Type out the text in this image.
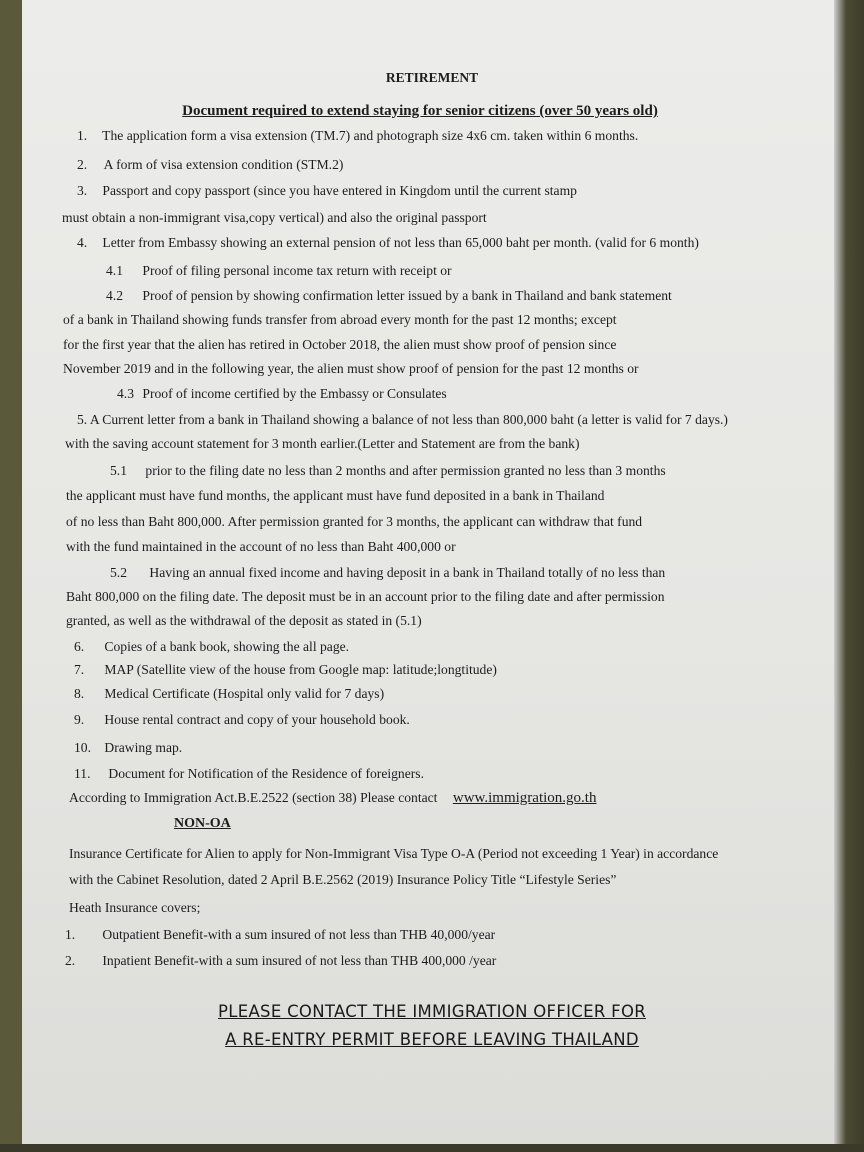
RETIREMENT
Document required to extend staying for senior citizens (over 50 years old)
1. The application form a visa extension (TM.7) and photograph size 4x6 cm. taken within 6 months.
2. A form of visa extension condition (STM.2)
3. Passport and copy passport (since you have entered in Kingdom until the current stamp
must obtain a non-immigrant visa,copy vertical) and also the original passport
4. Letter from Embassy showing an external pension of not less than 65,000 baht per month. (valid for 6 month)
4.1 Proof of filing personal income tax return with receipt or
4.2 Proof of pension by showing confirmation letter issued by a bank in Thailand and bank statement
of a bank in Thailand showing funds transfer from abroad every month for the past 12 months; except
for the first year that the alien has retired in October 2018, the alien must show proof of pension since
November 2019 and in the following year, the alien must show proof of pension for the past 12 months or
4.3 Proof of income certified by the Embassy or Consulates
5. A Current letter from a bank in Thailand showing a balance of not less than 800,000 baht (a letter is valid for 7 days.)
with the saving account statement for 3 month earlier.(Letter and Statement are from the bank)
5.1 prior to the filing date no less than 2 months and after permission granted no less than 3 months
the applicant must have fund months, the applicant must have fund deposited in a bank in Thailand
of no less than Baht 800,000. After permission granted for 3 months, the applicant can withdraw that fund
with the fund maintained in the account of no less than Baht 400,000 or
5.2 Having an annual fixed income and having deposit in a bank in Thailand totally of no less than
Baht 800,000 on the filing date. The deposit must be in an account prior to the filing date and after permission
granted, as well as the withdrawal of the deposit as stated in (5.1)
6. Copies of a bank book, showing the all page.
7. MAP (Satellite view of the house from Google map: latitude;longtitude)
8. Medical Certificate (Hospital only valid for 7 days)
9. House rental contract and copy of your household book.
10. Drawing map.
11. Document for Notification of the Residence of foreigners.
According to Immigration Act.B.E.2522 (section 38) Please contact www.immigration.go.th
NON-OA
Insurance Certificate for Alien to apply for Non-Immigrant Visa Type O-A (Period not exceeding 1 Year) in accordance
with the Cabinet Resolution, dated 2 April B.E.2562 (2019) Insurance Policy Title “Lifestyle Series”
Heath Insurance covers;
1. Outpatient Benefit-with a sum insured of not less than THB 40,000/year
2. Inpatient Benefit-with a sum insured of not less than THB 400,000 /year
PLEASE CONTACT THE IMMIGRATION OFFICER FOR
A RE-ENTRY PERMIT BEFORE LEAVING THAILAND
